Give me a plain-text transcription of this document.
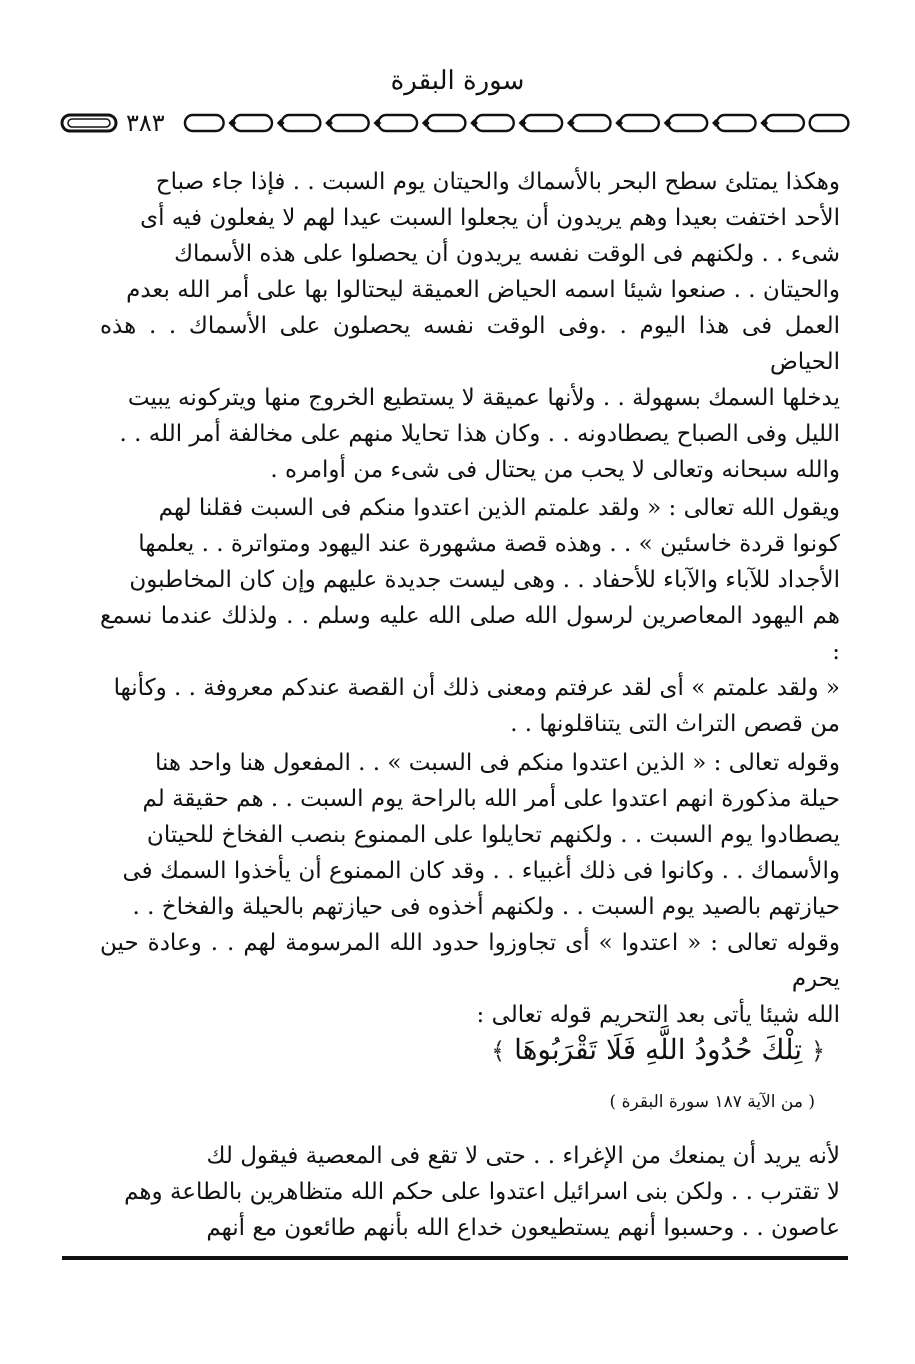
سورة البقرة
٣٨٣

وهكذا يمتلئ سطح البحر بالأسماك والحيتان يوم السبت . . فإذا جاء صباح

الأحد اختفت بعيدا وهم يريدون أن يجعلوا السبت عيدا لهم لا يفعلون فيه أى

شىء . . ولكنهم فى الوقت نفسه يريدون أن يحصلوا على هذه الأسماك

والحيتان . . صنعوا شيئا اسمه الحياض العميقة ليحتالوا بها على أمر الله بعدم

العمل فى هذا اليوم . .وفى الوقت نفسه يحصلون على الأسماك . . هذه الحياض

يدخلها السمك بسهولة . . ولأنها عميقة لا يستطيع الخروج منها ويتركونه يبيت

الليل وفى الصباح يصطادونه . . وكان هذا تحايلا منهم على مخالفة أمر الله . .

والله سبحانه وتعالى لا يحب من يحتال فى شىء من أوامره .

ويقول الله تعالى : « ولقد علمتم الذين اعتدوا منكم فى السبت فقلنا لهم

كونوا قردة خاسئين » . . وهذه قصة مشهورة عند اليهود ومتواترة . . يعلمها

الأجداد للآباء والآباء للأحفاد . . وهى ليست جديدة عليهم وإن كان المخاطبون

هم اليهود المعاصرين لرسول الله صلى الله عليه وسلم . . ولذلك عندما نسمع :

« ولقد علمتم » أى لقد عرفتم ومعنى ذلك أن القصة عندكم معروفة . . وكأنها

من قصص التراث التى يتناقلونها . .

وقوله تعالى : « الذين اعتدوا منكم فى السبت » . . المفعول هنا واحد هنا

حيلة مذكورة انهم اعتدوا على أمر الله بالراحة يوم السبت . . هم حقيقة لم

يصطادوا يوم السبت . . ولكنهم تحايلوا على الممنوع بنصب الفخاخ للحيتان

والأسماك . . وكانوا فى ذلك أغبياء . . وقد كان الممنوع أن يأخذوا السمك فى

حيازتهم بالصيد يوم السبت . . ولكنهم أخذوه فى حيازتهم بالحيلة والفخاخ . .

وقوله تعالى : « اعتدوا » أى تجاوزوا حدود الله المرسومة لهم . . وعادة حين يحرم

الله شيئا يأتى بعد التحريم قوله تعالى :

﴿ تِلْكَ حُدُودُ اللَّهِ فَلَا تَقْرَبُوهَا ﴾
( من الآية ١٨٧ سورة البقرة )

لأنه يريد أن يمنعك من الإغراء . . حتى لا تقع فى المعصية فيقول لك

لا تقترب . . ولكن بنى اسرائيل اعتدوا على حكم الله متظاهرين بالطاعة وهم

عاصون . . وحسبوا أنهم يستطيعون خداع الله بأنهم طائعون مع أنهم
